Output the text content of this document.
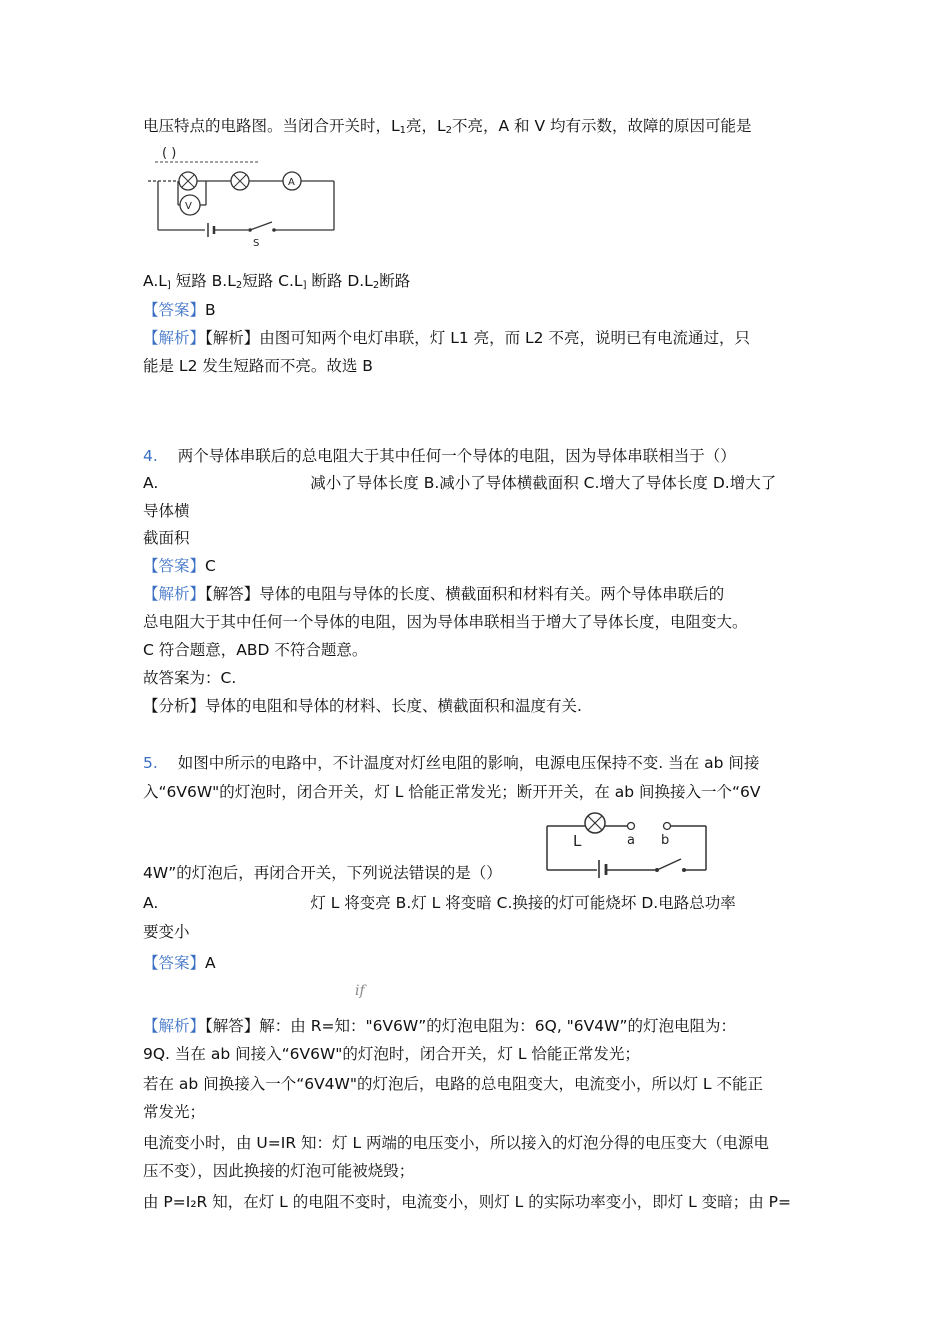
电压特点的电路图。当闭合开关时，$L_1$亮，$L_2$不亮，A 和 V 均有示数，故障的原因可能是
( )
A
V
S
$A.L_]$ 短路 $B.L_2$短路 $C.L_]$ 断路 $D.L_2$断路
【答案】B
【解析】【解析】由图可知两个电灯串联，灯 L1 亮，而 L2 不亮，说明已有电流通过，只
能是 L2 发生短路而不亮。故选 B
4. 两个导体串联后的总电阻大于其中任何一个导体的电阻，因为导体串联相当于（）
A.	减小了导体长度 B.减小了导体横截面积 C.增大了导体长度 D.增大了
导体横
截面积
【答案】C
【解析】【解答】导体的电阻与导体的长度、横截面积和材料有关。两个导体串联后的
总电阻大于其中任何一个导体的电阻，因为导体串联相当于增大了导体长度，电阻变大。
C 符合题意，ABD 不符合题意。
故答案为：C.
【分析】导体的电阻和导体的材料、长度、横截面积和温度有关.
5. 如图中所示的电路中，不计温度对灯丝电阻的影响，电源电压保持不变. 当在 ab 间接
入“6V6W"的灯泡时，闭合开关，灯 L 恰能正常发光；断开开关，在 ab 间换接入一个“6V
L	a b
4W”的灯泡后，再闭合开关，下列说法错误的是（）
A.	灯 L 将变亮 B.灯 L 将变暗 C.换接的灯可能烧坏 D.电路总功率
要变小
【答案】A
if
【解析】【解答】解：由 R=知："6V6W”的灯泡电阻为：6Q, "6V4W”的灯泡电阻为：
9Q. 当在 ab 间接入“6V6W"的灯泡时，闭合开关，灯 L 恰能正常发光；
若在 ab 间换接入一个“6V4W"的灯泡后，电路的总电阻变大，电流变小，所以灯 L 不能正
常发光；
电流变小时，由 U=IR 知：灯 L 两端的电压变小，所以接入的灯泡分得的电压变大（电源电
压不变），因此换接的灯泡可能被烧毁；
由 P=I₂R 知，在灯 L 的电阻不变时，电流变小，则灯 L 的实际功率变小，即灯 L 变暗；由 P=
